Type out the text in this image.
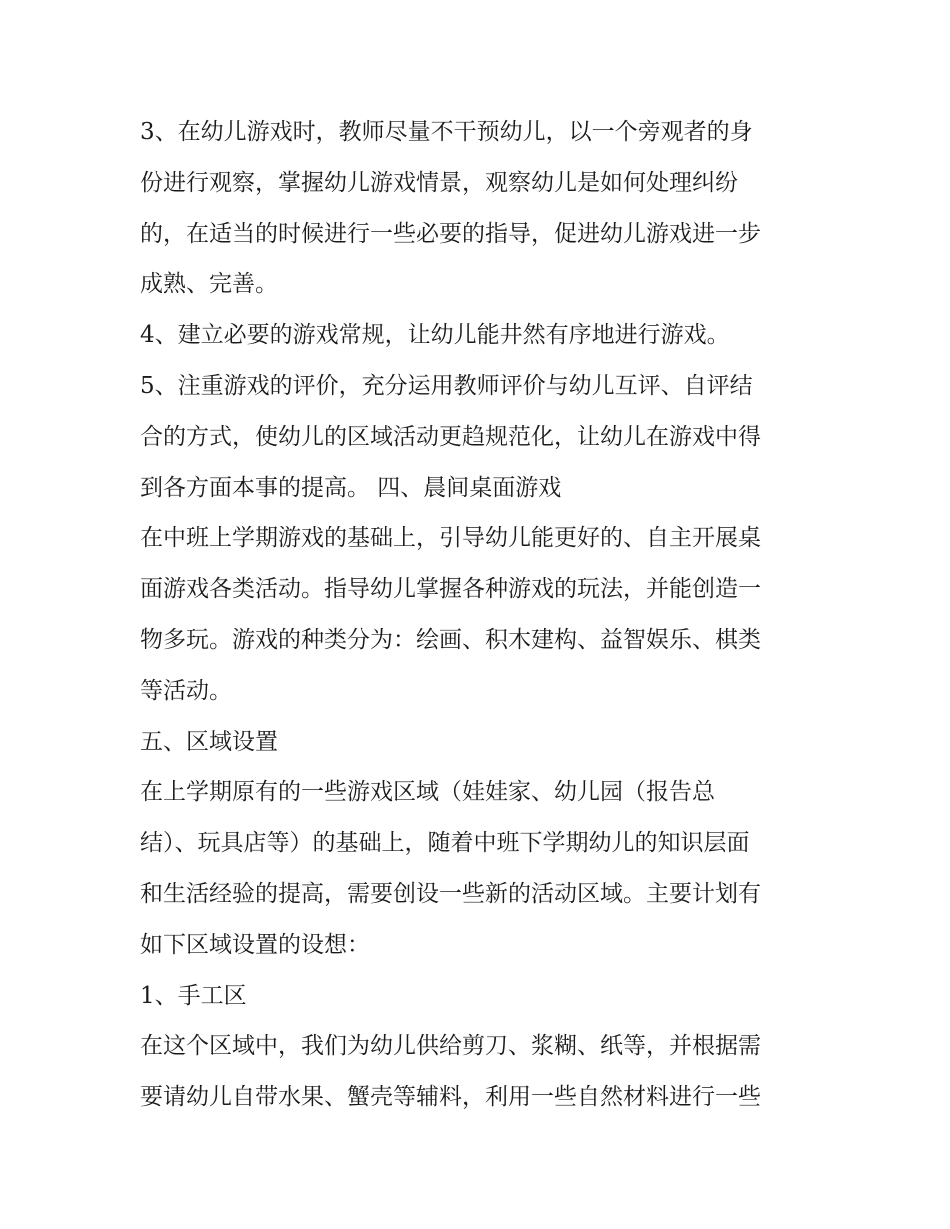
3、在幼儿游戏时，教师尽量不干预幼儿，以一个旁观者的身
份进行观察，掌握幼儿游戏情景，观察幼儿是如何处理纠纷
的，在适当的时候进行一些必要的指导，促进幼儿游戏进一步
成熟、完善。
4、建立必要的游戏常规，让幼儿能井然有序地进行游戏。
5、注重游戏的评价，充分运用教师评价与幼儿互评、自评结
合的方式，使幼儿的区域活动更趋规范化，让幼儿在游戏中得
到各方面本事的提高。 四、晨间桌面游戏
在中班上学期游戏的基础上，引导幼儿能更好的、自主开展桌
面游戏各类活动。指导幼儿掌握各种游戏的玩法，并能创造一
物多玩。游戏的种类分为：绘画、积木建构、益智娱乐、棋类
等活动。
五、区域设置
在上学期原有的一些游戏区域（娃娃家、幼儿园（报告总
结）、玩具店等）的基础上，随着中班下学期幼儿的知识层面
和生活经验的提高，需要创设一些新的活动区域。主要计划有
如下区域设置的设想：
1、手工区
在这个区域中，我们为幼儿供给剪刀、浆糊、纸等，并根据需
要请幼儿自带水果、蟹壳等辅料，利用一些自然材料进行一些
